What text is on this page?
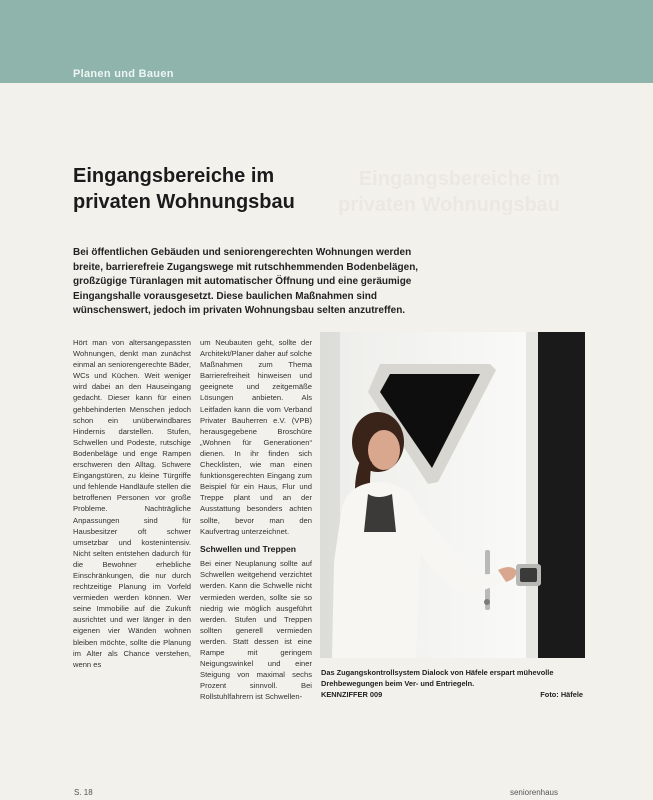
Planen und Bauen
Eingangsbereiche im
privaten Wohnungsbau
Eingangsbereiche im
privaten Wohnungsbau

Bei öffentlichen Gebäuden und seniorengerechten Wohnungen werden breite, barrierefreie Zugangswege mit rutschhemmenden Bodenbelägen, großzügige Türanlagen mit automatischer Öffnung und eine geräumige Eingangshalle vorausgesetzt. Diese baulichen Maßnahmen sind wünschenswert, jedoch im privaten Wohnungsbau selten anzutreffen.

Hört man von altersangepassten Wohnungen, denkt man zunächst einmal an seniorengerechte Bäder, WCs und Küchen. Weit weniger wird dabei an den Hauseingang gedacht. Dieser kann für einen gehbehinderten Menschen jedoch schon ein unüberwindbares Hindernis darstellen. Stufen, Schwellen und Podeste, rutschige Bodenbeläge und enge Rampen erschweren den Alltag. Schwere Eingangstüren, zu kleine Türgriffe und fehlende Handläufe stellen die betroffenen Personen vor große Probleme. Nachträgliche Anpassungen sind für Hausbesitzer oft schwer umsetzbar und kostenintensiv. Nicht selten entstehen dadurch für die Bewohner erhebliche Einschränkungen, die nur durch rechtzeitige Planung im Vorfeld vermieden werden können. Wer seine Immobilie auf die Zukunft ausrichtet und wer länger in den eigenen vier Wänden wohnen bleiben möchte, sollte die Planung im Alter als Chance verstehen, wenn es

um Neubauten geht, sollte der Architekt/Planer daher auf solche Maßnahmen zum Thema Barrierefreiheit hinweisen und geeignete und zeitgemäße Lösungen anbieten. Als Leitfaden kann die vom Verband Privater Bauherren e.V. (VPB) herausgegebene Broschüre „Wohnen für Generationen“ dienen. In ihr finden sich Checklisten, wie man einen funktionsgerechten Eingang zum Beispiel für ein Haus, Flur und Treppe plant und an der Ausstattung besonders achten sollte, bevor man den Kaufvertrag unterzeichnet.

Schwellen und Treppen

Bei einer Neuplanung sollte auf Schwellen weitgehend verzichtet werden. Kann die Schwelle nicht vermieden werden, sollte sie so niedrig wie möglich ausgeführt werden. Stufen und Treppen sollten generell vermieden werden. Statt dessen ist eine Rampe mit geringem Neigungswinkel und einer Steigung von maximal sechs Prozent sinnvoll. Bei Rollstuhlfahrern ist Schwellen-

Das Zugangskontrollsystem Dialock von Häfele erspart mühevolle Drehbewegungen beim Ver- und Entriegeln.
KENNZIFFER 009	Foto: Häfele
S. 18	seniorenhaus
